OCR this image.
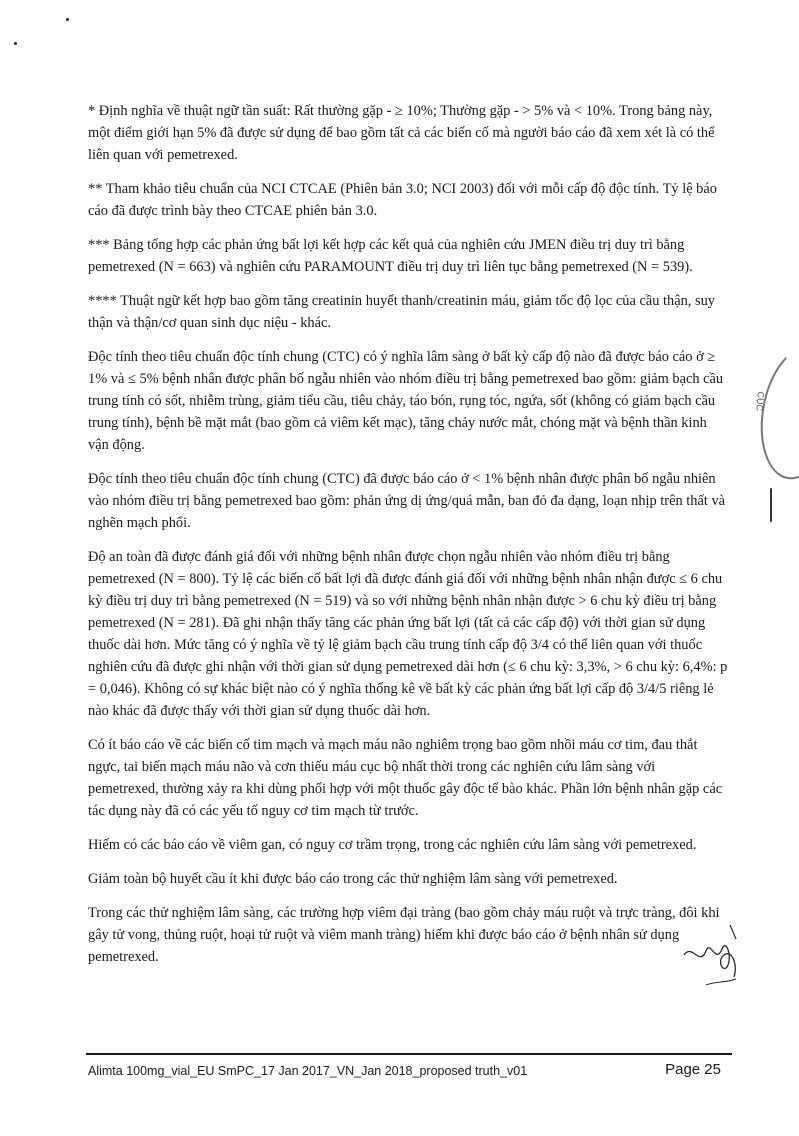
* Định nghĩa về thuật ngữ tần suất: Rất thường gặp - ≥ 10%; Thường gặp - > 5% và < 10%. Trong bảng này, một điểm giới hạn 5% đã được sử dụng để bao gồm tất cả các biến cố mà người báo cáo đã xem xét là có thể liên quan với pemetrexed.

** Tham khảo tiêu chuẩn của NCI CTCAE (Phiên bản 3.0; NCI 2003) đối với mỗi cấp độ độc tính. Tỷ lệ báo cáo đã được trình bày theo CTCAE phiên bản 3.0.

*** Bảng tổng hợp các phản ứng bất lợi kết hợp các kết quả của nghiên cứu JMEN điều trị duy trì bằng pemetrexed (N = 663) và nghiên cứu PARAMOUNT điều trị duy trì liên tục bằng pemetrexed (N = 539).

**** Thuật ngữ kết hợp bao gồm tăng creatinin huyết thanh/creatinin máu, giảm tốc độ lọc của cầu thận, suy thận và thận/cơ quan sinh dục niệu - khác.

Độc tính theo tiêu chuẩn độc tính chung (CTC) có ý nghĩa lâm sàng ở bất kỳ cấp độ nào đã được báo cáo ở ≥ 1% và ≤ 5% bệnh nhân được phân bố ngẫu nhiên vào nhóm điều trị bằng pemetrexed bao gồm: giảm bạch cầu trung tính có sốt, nhiễm trùng, giảm tiểu cầu, tiêu chảy, táo bón, rụng tóc, ngứa, sốt (không có giảm bạch cầu trung tính), bệnh bề mặt mắt (bao gồm cả viêm kết mạc), tăng chảy nước mắt, chóng mặt và bệnh thần kinh vận động.

Độc tính theo tiêu chuẩn độc tính chung (CTC) đã được báo cáo ở < 1% bệnh nhân được phân bố ngẫu nhiên vào nhóm điều trị bằng pemetrexed bao gồm: phản ứng dị ứng/quá mẫn, ban đỏ đa dạng, loạn nhịp trên thất và nghẽn mạch phổi.

Độ an toàn đã được đánh giá đối với những bệnh nhân được chọn ngẫu nhiên vào nhóm điều trị bằng pemetrexed (N = 800). Tỷ lệ các biến cố bất lợi đã được đánh giá đối với những bệnh nhân nhận được ≤ 6 chu kỳ điều trị duy trì bằng pemetrexed (N = 519) và so với những bệnh nhân nhận được > 6 chu kỳ điều trị bằng pemetrexed (N = 281). Đã ghi nhận thấy tăng các phản ứng bất lợi (tất cả các cấp độ) với thời gian sử dụng thuốc dài hơn. Mức tăng có ý nghĩa về tỷ lệ giảm bạch cầu trung tính cấp độ 3/4 có thể liên quan với thuốc nghiên cứu đã được ghi nhận với thời gian sử dụng pemetrexed dài hơn (≤ 6 chu kỳ: 3,3%, > 6 chu kỳ: 6,4%: p = 0,046). Không có sự khác biệt nào có ý nghĩa thống kê về bất kỳ các phản ứng bất lợi cấp độ 3/4/5 riêng lẻ nào khác đã được thấy với thời gian sử dụng thuốc dài hơn.

Có ít báo cáo về các biến cố tim mạch và mạch máu não nghiêm trọng bao gồm nhồi máu cơ tim, đau thắt ngực, tai biến mạch máu não và cơn thiếu máu cục bộ nhất thời trong các nghiên cứu lâm sàng với pemetrexed, thường xảy ra khi dùng phối hợp với một thuốc gây độc tế bào khác. Phần lớn bệnh nhân gặp các tác dụng này đã có các yếu tố nguy cơ tim mạch từ trước.

Hiếm có các báo cáo về viêm gan, có nguy cơ trầm trọng, trong các nghiên cứu lâm sàng với pemetrexed.

Giảm toàn bộ huyết cầu ít khi được báo cáo trong các thử nghiệm lâm sàng với pemetrexed.

Trong các thử nghiệm lâm sàng, các trường hợp viêm đại tràng (bao gồm chảy máu ruột và trực tràng, đôi khi gây tử vong, thủng ruột, hoại tử ruột và viêm manh tràng) hiếm khi được báo cáo ở bệnh nhân sử dụng pemetrexed.

CỤC
Alimta 100mg_vial_EU SmPC_17 Jan 2017_VN_Jan 2018_proposed truth_v01	Page 25
